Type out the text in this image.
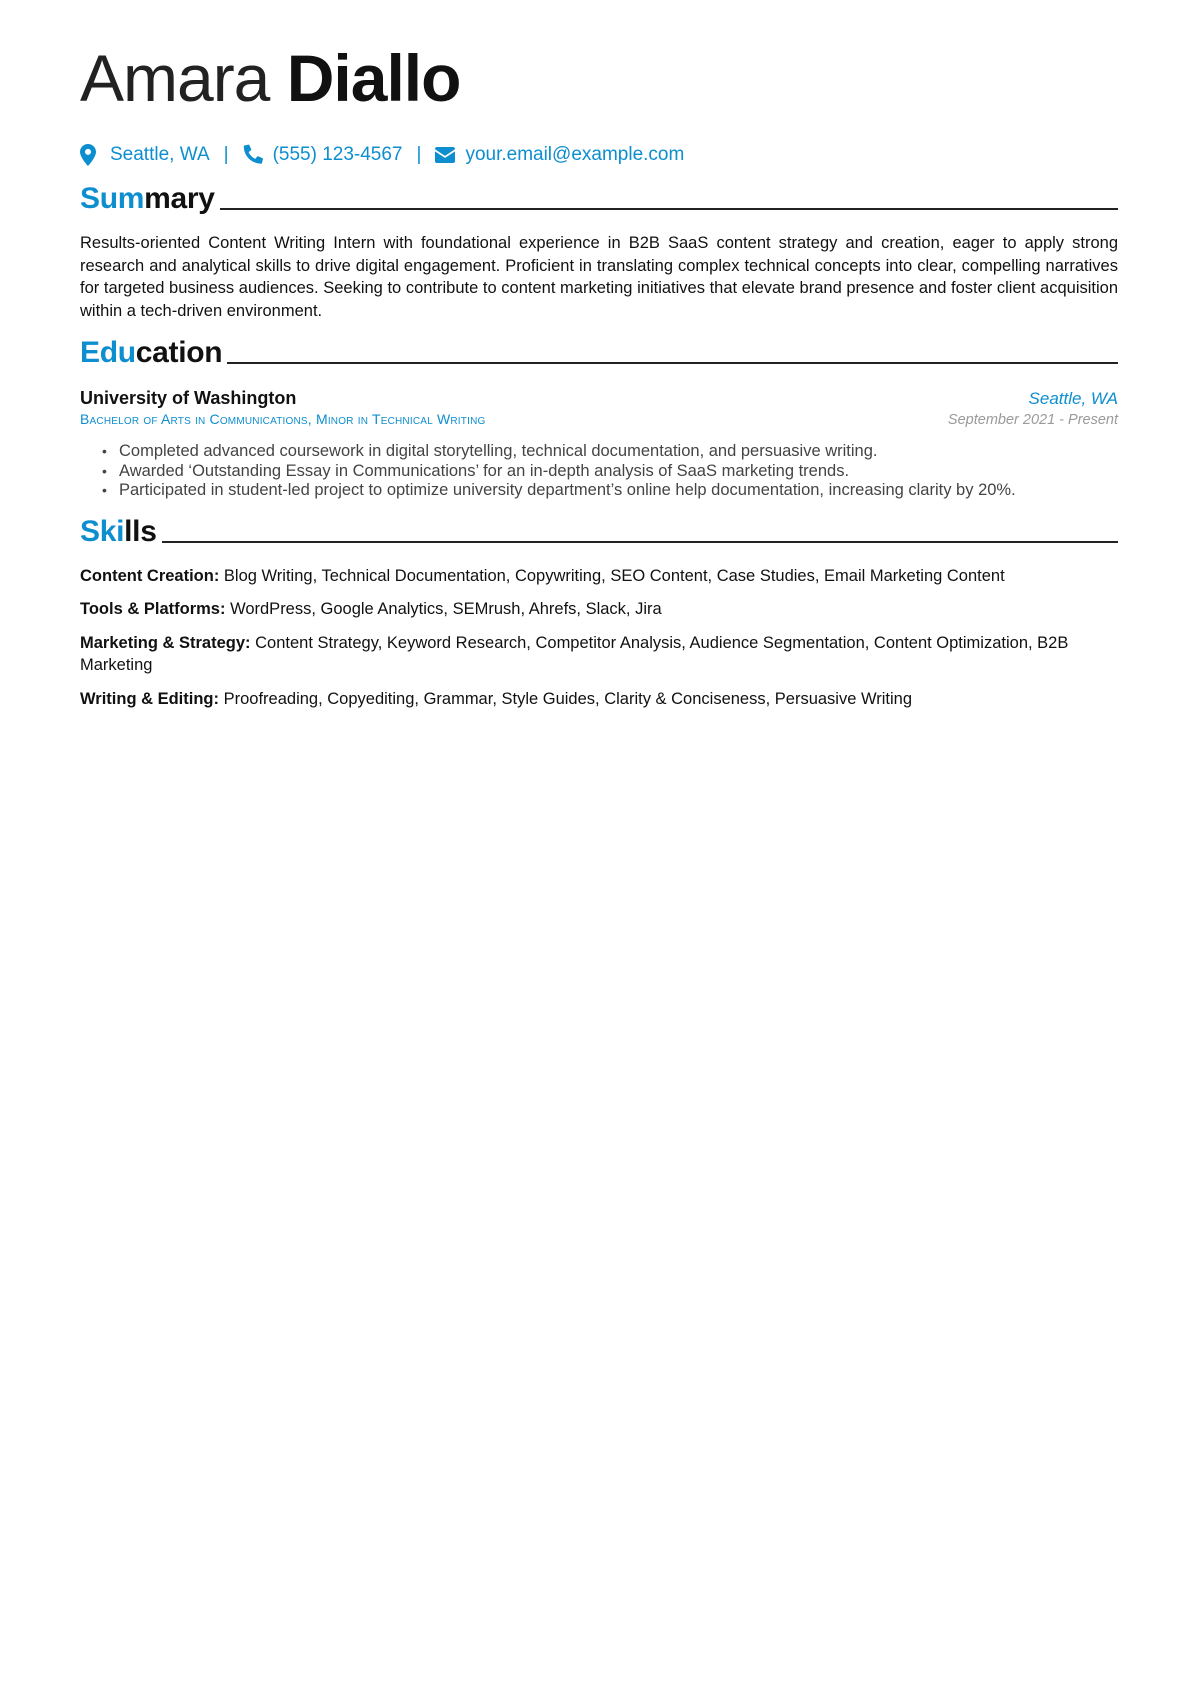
Amara Diallo
Seattle, WA | (555) 123-4567 | your.email@example.com
Summary

Results-oriented Content Writing Intern with foundational experience in B2B SaaS content strategy and creation, eager to apply strong research and analytical skills to drive digital engagement. Proficient in translating complex technical concepts into clear, compelling narratives for targeted business audiences. Seeking to contribute to content marketing initiatives that elevate brand presence and foster client acquisition within a tech-driven environment.

Education
University of Washington	Seattle, WA
Bachelor of Arts in Communications, Minor in Technical Writing	September 2021 - Present
• Completed advanced coursework in digital storytelling, technical documentation, and persuasive writing.
• Awarded ‘Outstanding Essay in Communications’ for an in-depth analysis of SaaS marketing trends.
• Participated in student-led project to optimize university department’s online help documentation, increasing clarity by 20%.
Skills
Content Creation: Blog Writing, Technical Documentation, Copywriting, SEO Content, Case Studies, Email Marketing Content
Tools & Platforms: WordPress, Google Analytics, SEMrush, Ahrefs, Slack, Jira
Marketing & Strategy: Content Strategy, Keyword Research, Competitor Analysis, Audience Segmentation, Content Optimization, B2B Marketing
Writing & Editing: Proofreading, Copyediting, Grammar, Style Guides, Clarity & Conciseness, Persuasive Writing
